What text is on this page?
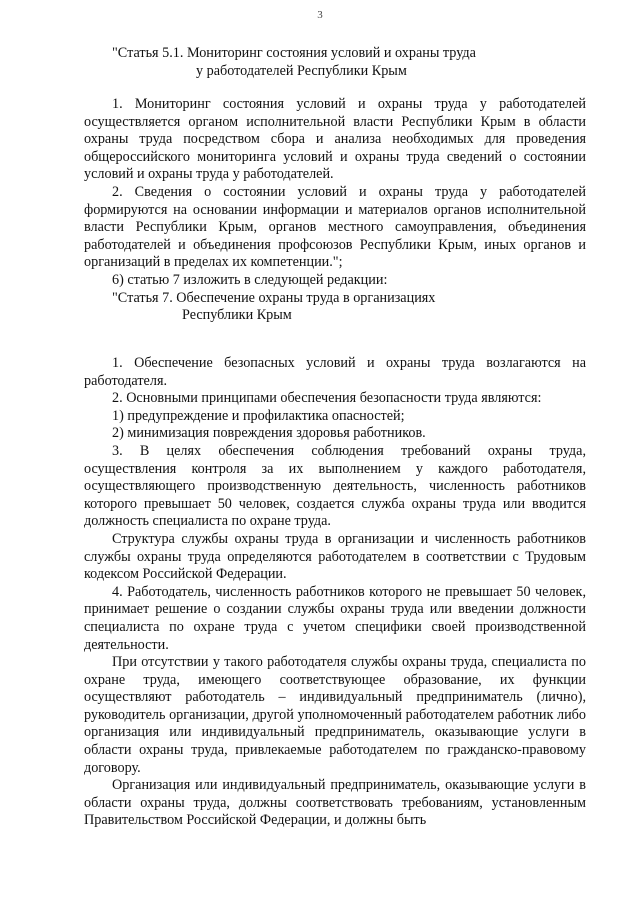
3
"Статья 5.1. Мониторинг состояния условий и охраны труда
у работодателей Республики Крым

1. Мониторинг состояния условий и охраны труда у работодателей осуществляется органом исполнительной власти Республики Крым в области охраны труда посредством сбора и анализа необходимых для проведения общероссийского мониторинга условий и охраны труда сведений о состоянии условий и охраны труда у работодателей.

2. Сведения о состоянии условий и охраны труда у работодателей формируются на основании информации и материалов органов исполнительной власти Республики Крым, органов местного самоуправления, объединения работодателей и объединения профсоюзов Республики Крым, иных органов и организаций в пределах их компетенции.";

6) статью 7 изложить в следующей редакции:

"Статья 7. Обеспечение охраны труда в организациях
Республики Крым

1. Обеспечение безопасных условий и охраны труда возлагаются на работодателя.

2. Основными принципами обеспечения безопасности труда являются:

1) предупреждение и профилактика опасностей;

2) минимизация повреждения здоровья работников.

3. В целях обеспечения соблюдения требований охраны труда, осуществления контроля за их выполнением у каждого работодателя, осуществляющего производственную деятельность, численность работников которого превышает 50 человек, создается служба охраны труда или вводится должность специалиста по охране труда.

Структура службы охраны труда в организации и численность работников службы охраны труда определяются работодателем в соответствии с Трудовым кодексом Российской Федерации.

4. Работодатель, численность работников которого не превышает 50 человек, принимает решение о создании службы охраны труда или введении должности специалиста по охране труда с учетом специфики своей производственной деятельности.

При отсутствии у такого работодателя службы охраны труда, специалиста по охране труда, имеющего соответствующее образование, их функции осуществляют работодатель – индивидуальный предприниматель (лично), руководитель организации, другой уполномоченный работодателем работник либо организация или индивидуальный предприниматель, оказывающие услуги в области охраны труда, привлекаемые работодателем по гражданско-правовому договору.

Организация или индивидуальный предприниматель, оказывающие услуги в области охраны труда, должны соответствовать требованиям, установленным Правительством Российской Федерации, и должны быть
